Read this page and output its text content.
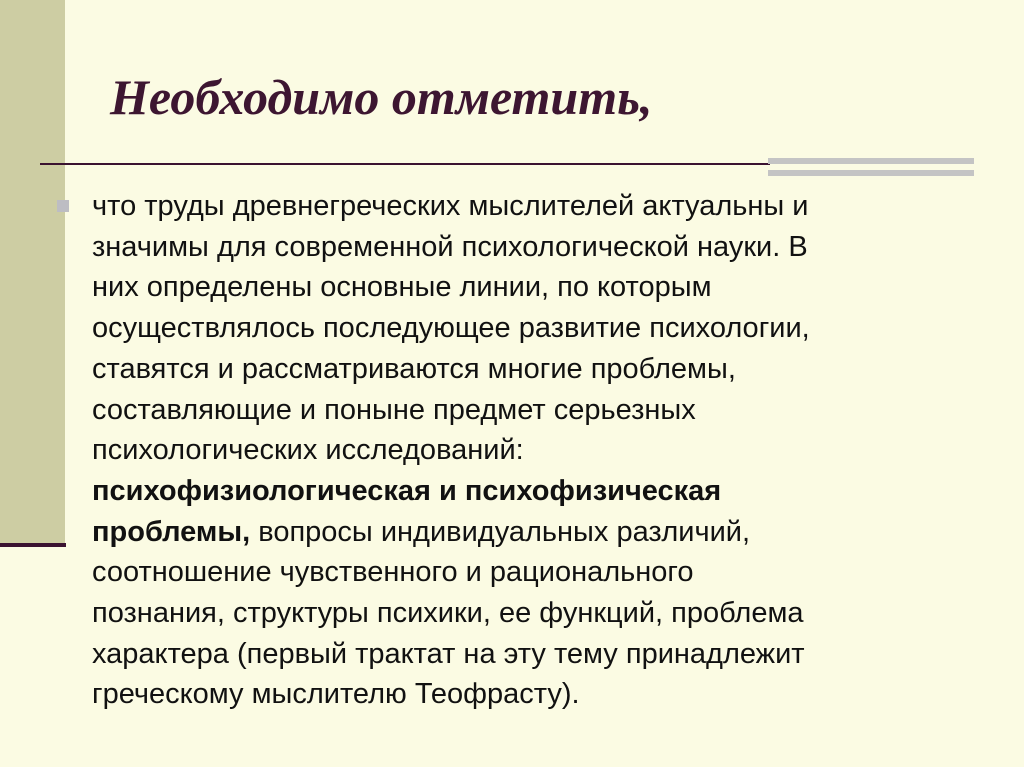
Необходимо отметить,

что труды древнегреческих мыслителей актуальны и
значимы для современной психологической науки. В
них определены основные линии, по которым
осуществлялось последующее развитие психологии,
ставятся и рассматриваются многие проблемы,
составляющие и поныне предмет серьезных
психологических исследований:
психофизиологическая и психофизическая
проблемы, вопросы индивидуальных различий,
соотношение чувственного и рационального
познания, структуры психики, ее функций, проблема
характера (первый трактат на эту тему принадлежит
греческому мыслителю Теофрасту).
